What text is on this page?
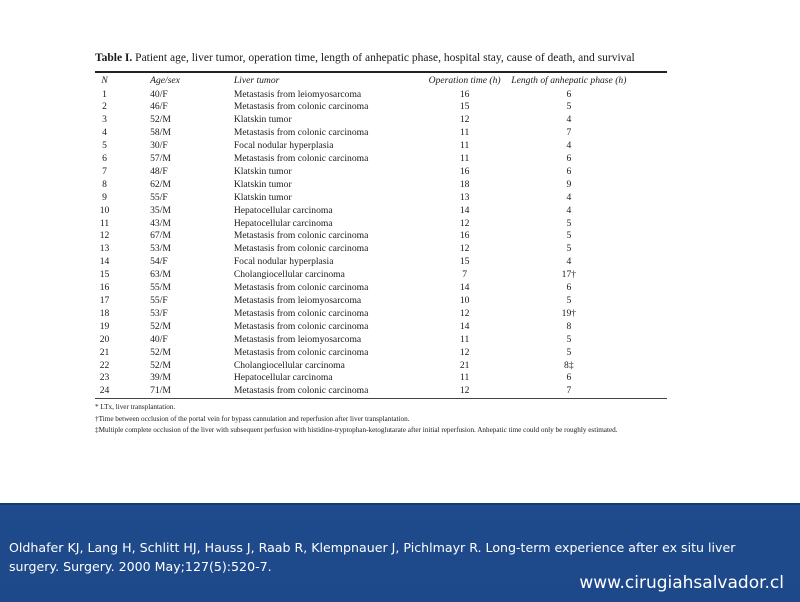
Table I. Patient age, liver tumor, operation time, length of anhepatic phase, hospital stay, cause of death, and survival

N	Age/sex	Liver tumor	Operation time (h)	Length of anhepatic phase (h)
1	40/F	Metastasis from leiomyosarcoma	16	6
2	46/F	Metastasis from colonic carcinoma	15	5
3	52/M	Klatskin tumor	12	4
4	58/M	Metastasis from colonic carcinoma	11	7
5	30/F	Focal nodular hyperplasia	11	4
6	57/M	Metastasis from colonic carcinoma	11	6
7	48/F	Klatskin tumor	16	6
8	62/M	Klatskin tumor	18	9
9	55/F	Klatskin tumor	13	4
10	35/M	Hepatocellular carcinoma	14	4
11	43/M	Hepatocellular carcinoma	12	5
12	67/M	Metastasis from colonic carcinoma	16	5
13	53/M	Metastasis from colonic carcinoma	12	5
14	54/F	Focal nodular hyperplasia	15	4
15	63/M	Cholangiocellular carcinoma	7	17†
16	55/M	Metastasis from colonic carcinoma	14	6
17	55/F	Metastasis from leiomyosarcoma	10	5
18	53/F	Metastasis from colonic carcinoma	12	19†
19	52/M	Metastasis from colonic carcinoma	14	8
20	40/F	Metastasis from leiomyosarcoma	11	5
21	52/M	Metastasis from colonic carcinoma	12	5
22	52/M	Cholangiocellular carcinoma	21	8‡
23	39/M	Hepatocellular carcinoma	11	6
24	71/M	Metastasis from colonic carcinoma	12	7

* LTx, liver transplantation.

†Time between occlusion of the portal vein for bypass cannulation and reperfusion after liver transplantation.

‡Multiple complete occlusion of the liver with subsequent perfusion with histidine-tryptophan-ketoglutarate after initial reperfusion. Anhepatic time could only be roughly estimated.

Oldhafer KJ, Lang H, Schlitt HJ, Hauss J, Raab R, Klempnauer J, Pichlmayr R. Long-term experience after ex situ liver surgery. Surgery. 2000 May;127(5):520-7.
www.cirugiahsalvador.cl
